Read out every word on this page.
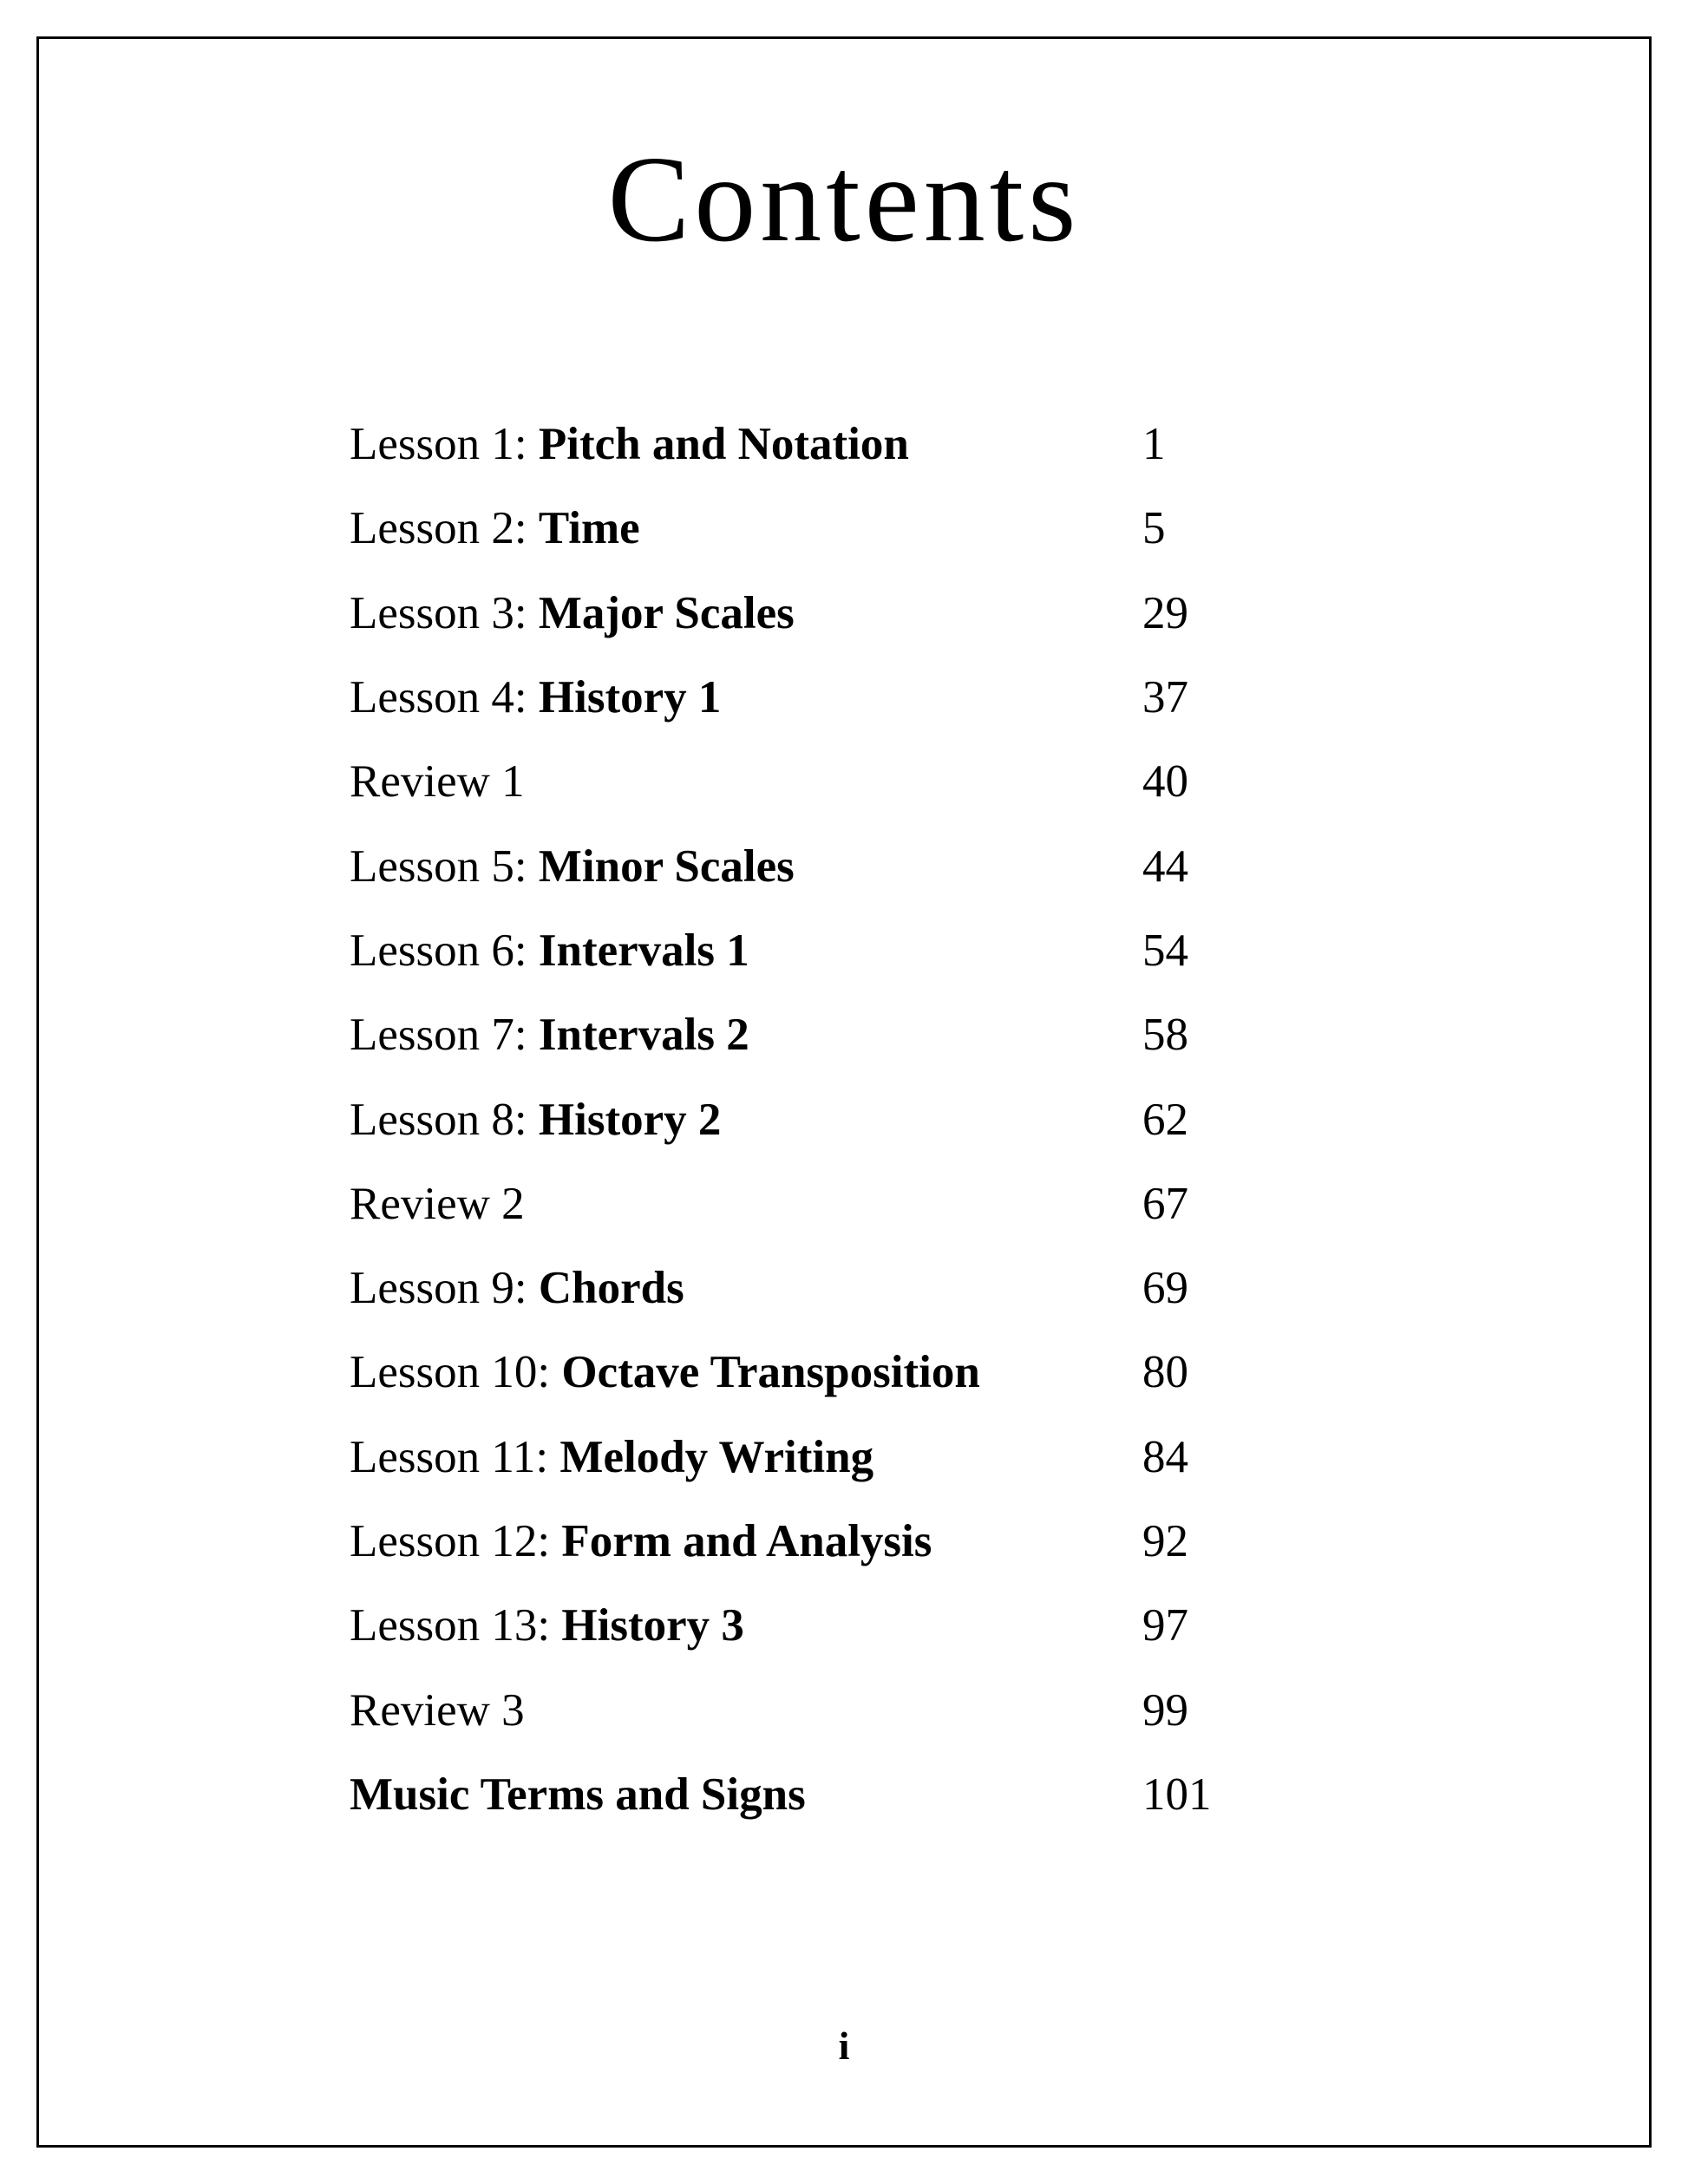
Contents
Lesson 1: Pitch and Notation	1
Lesson 2: Time	5
Lesson 3: Major Scales	29
Lesson 4: History 1	37
Review 1	40
Lesson 5: Minor Scales	44
Lesson 6: Intervals 1	54
Lesson 7: Intervals 2	58
Lesson 8: History 2	62
Review 2	67
Lesson 9: Chords	69
Lesson 10: Octave Transposition	80
Lesson 11: Melody Writing	84
Lesson 12: Form and Analysis	92
Lesson 13: History 3	97
Review 3	99
Music Terms and Signs	101
i
